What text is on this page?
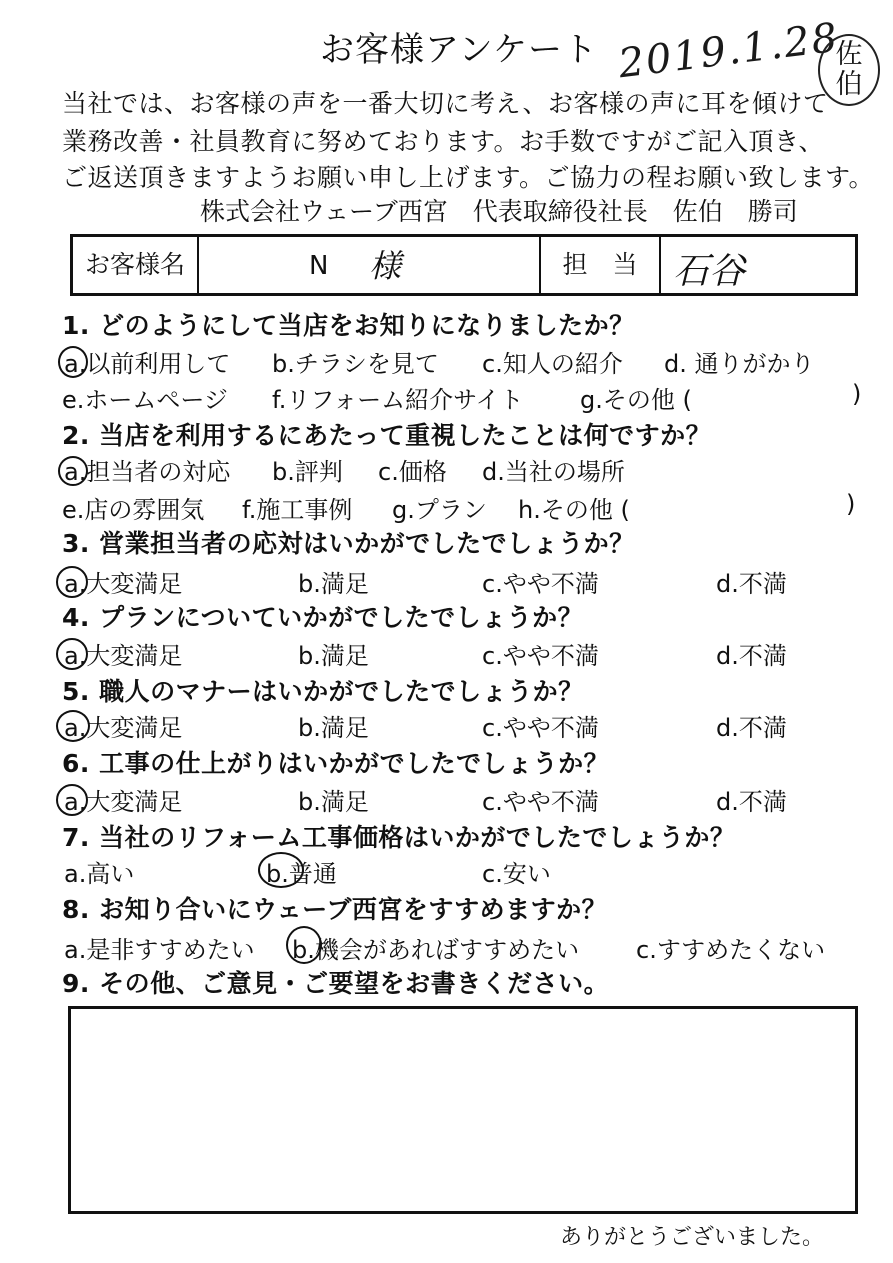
お客様アンケート 2019.1.28
佐
伯
当社では、お客様の声を一番大切に考え、お客様の声に耳を傾けて
業務改善・社員教育に努めております。お手数ですがご記入頂き、
ご返送頂きますようお願い申し上げます。ご協力の程お願い致します。
株式会社ウェーブ西宮　代表取締役社長　佐伯　勝司
お客様名	N 様	担　当 石谷
1. どのようにして当店をお知りになりましたか？
a.以前利用して b.チラシを見て c.知人の紹介 d. 通りがかり
e.ホームページ f.リフォーム紹介サイト g.その他 (	)
2. 当店を利用するにあたって重視したことは何ですか？
a.担当者の対応 b.評判 c.価格 d.当社の場所
e.店の雰囲気 f.施工事例 g.プラン h.その他 (	)
3. 営業担当者の応対はいかがでしたでしょうか？
a.大変満足	b.満足	c.やや不満	d.不満
4. プランについていかがでしたでしょうか？
a.大変満足	b.満足	c.やや不満	d.不満
5. 職人のマナーはいかがでしたでしょうか？
a.大変満足	b.満足	c.やや不満	d.不満
6. 工事の仕上がりはいかがでしたでしょうか？
a.大変満足	b.満足	c.やや不満	d.不満
7. 当社のリフォーム工事価格はいかがでしたでしょうか？
a.高い	b.普通	c.安い
8. お知り合いにウェーブ西宮をすすめますか？
a.是非すすめたい b.機会があればすすめたい c.すすめたくない
9. その他、ご意見・ご要望をお書きください。
ありがとうございました。
